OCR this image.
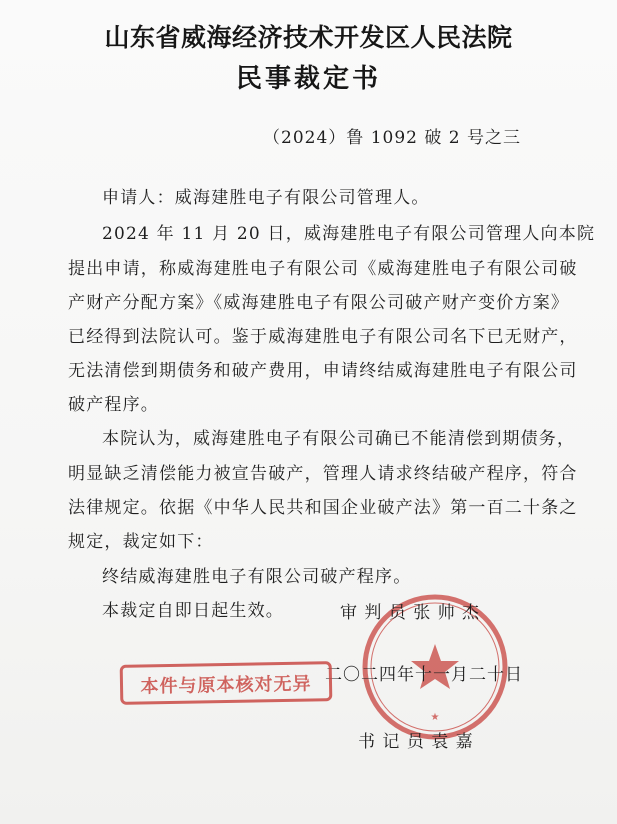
山东省威海经济技术开发区人民法院
民事裁定书
（2024）鲁 1092 破 2 号之三
申请人：威海建胜电子有限公司管理人。
2024 年 11 月 20 日，威海建胜电子有限公司管理人向本院
提出申请，称威海建胜电子有限公司《威海建胜电子有限公司破
产财产分配方案》《威海建胜电子有限公司破产财产变价方案》
已经得到法院认可。鉴于威海建胜电子有限公司名下已无财产，
无法清偿到期债务和破产费用，申请终结威海建胜电子有限公司
破产程序。
本院认为，威海建胜电子有限公司确已不能清偿到期债务，
明显缺乏清偿能力被宣告破产，管理人请求终结破产程序，符合
法律规定。依据《中华人民共和国企业破产法》第一百二十条之
规定，裁定如下：
终结威海建胜电子有限公司破产程序。
本裁定自即日起生效。
★
审 判 员 张 帅 杰
二〇二四年十一月二十日
书 记 员 袁 嘉
本件与原本核对无异
